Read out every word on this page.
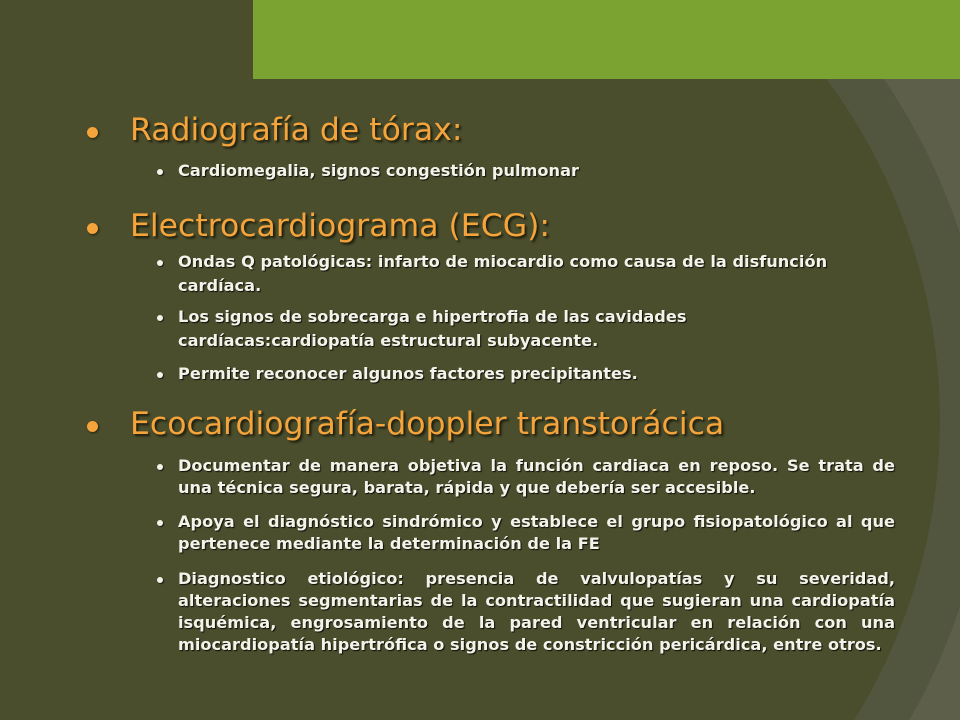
Radiografía de tórax:
Cardiomegalia, signos congestión pulmonar
Electrocardiograma (ECG):
Ondas Q patológicas: infarto de miocardio como causa de la disfunción
cardíaca.
Los signos de sobrecarga e hipertrofia de las cavidades
cardíacas:cardiopatía estructural subyacente.
Permite reconocer algunos factores precipitantes.
Ecocardiografía-doppler transtorácica
Documentar de manera objetiva la función cardiaca en reposo. Se trata de
una técnica segura, barata, rápida y que debería ser accesible.
Apoya el diagnóstico sindrómico y establece el grupo fisiopatológico al que
pertenece mediante la determinación de la FE
Diagnostico etiológico: presencia de valvulopatías y su severidad,
alteraciones segmentarias de la contractilidad que sugieran una cardiopatía
isquémica, engrosamiento de la pared ventricular en relación con una
miocardiopatía hipertrófica o signos de constricción pericárdica, entre otros.
